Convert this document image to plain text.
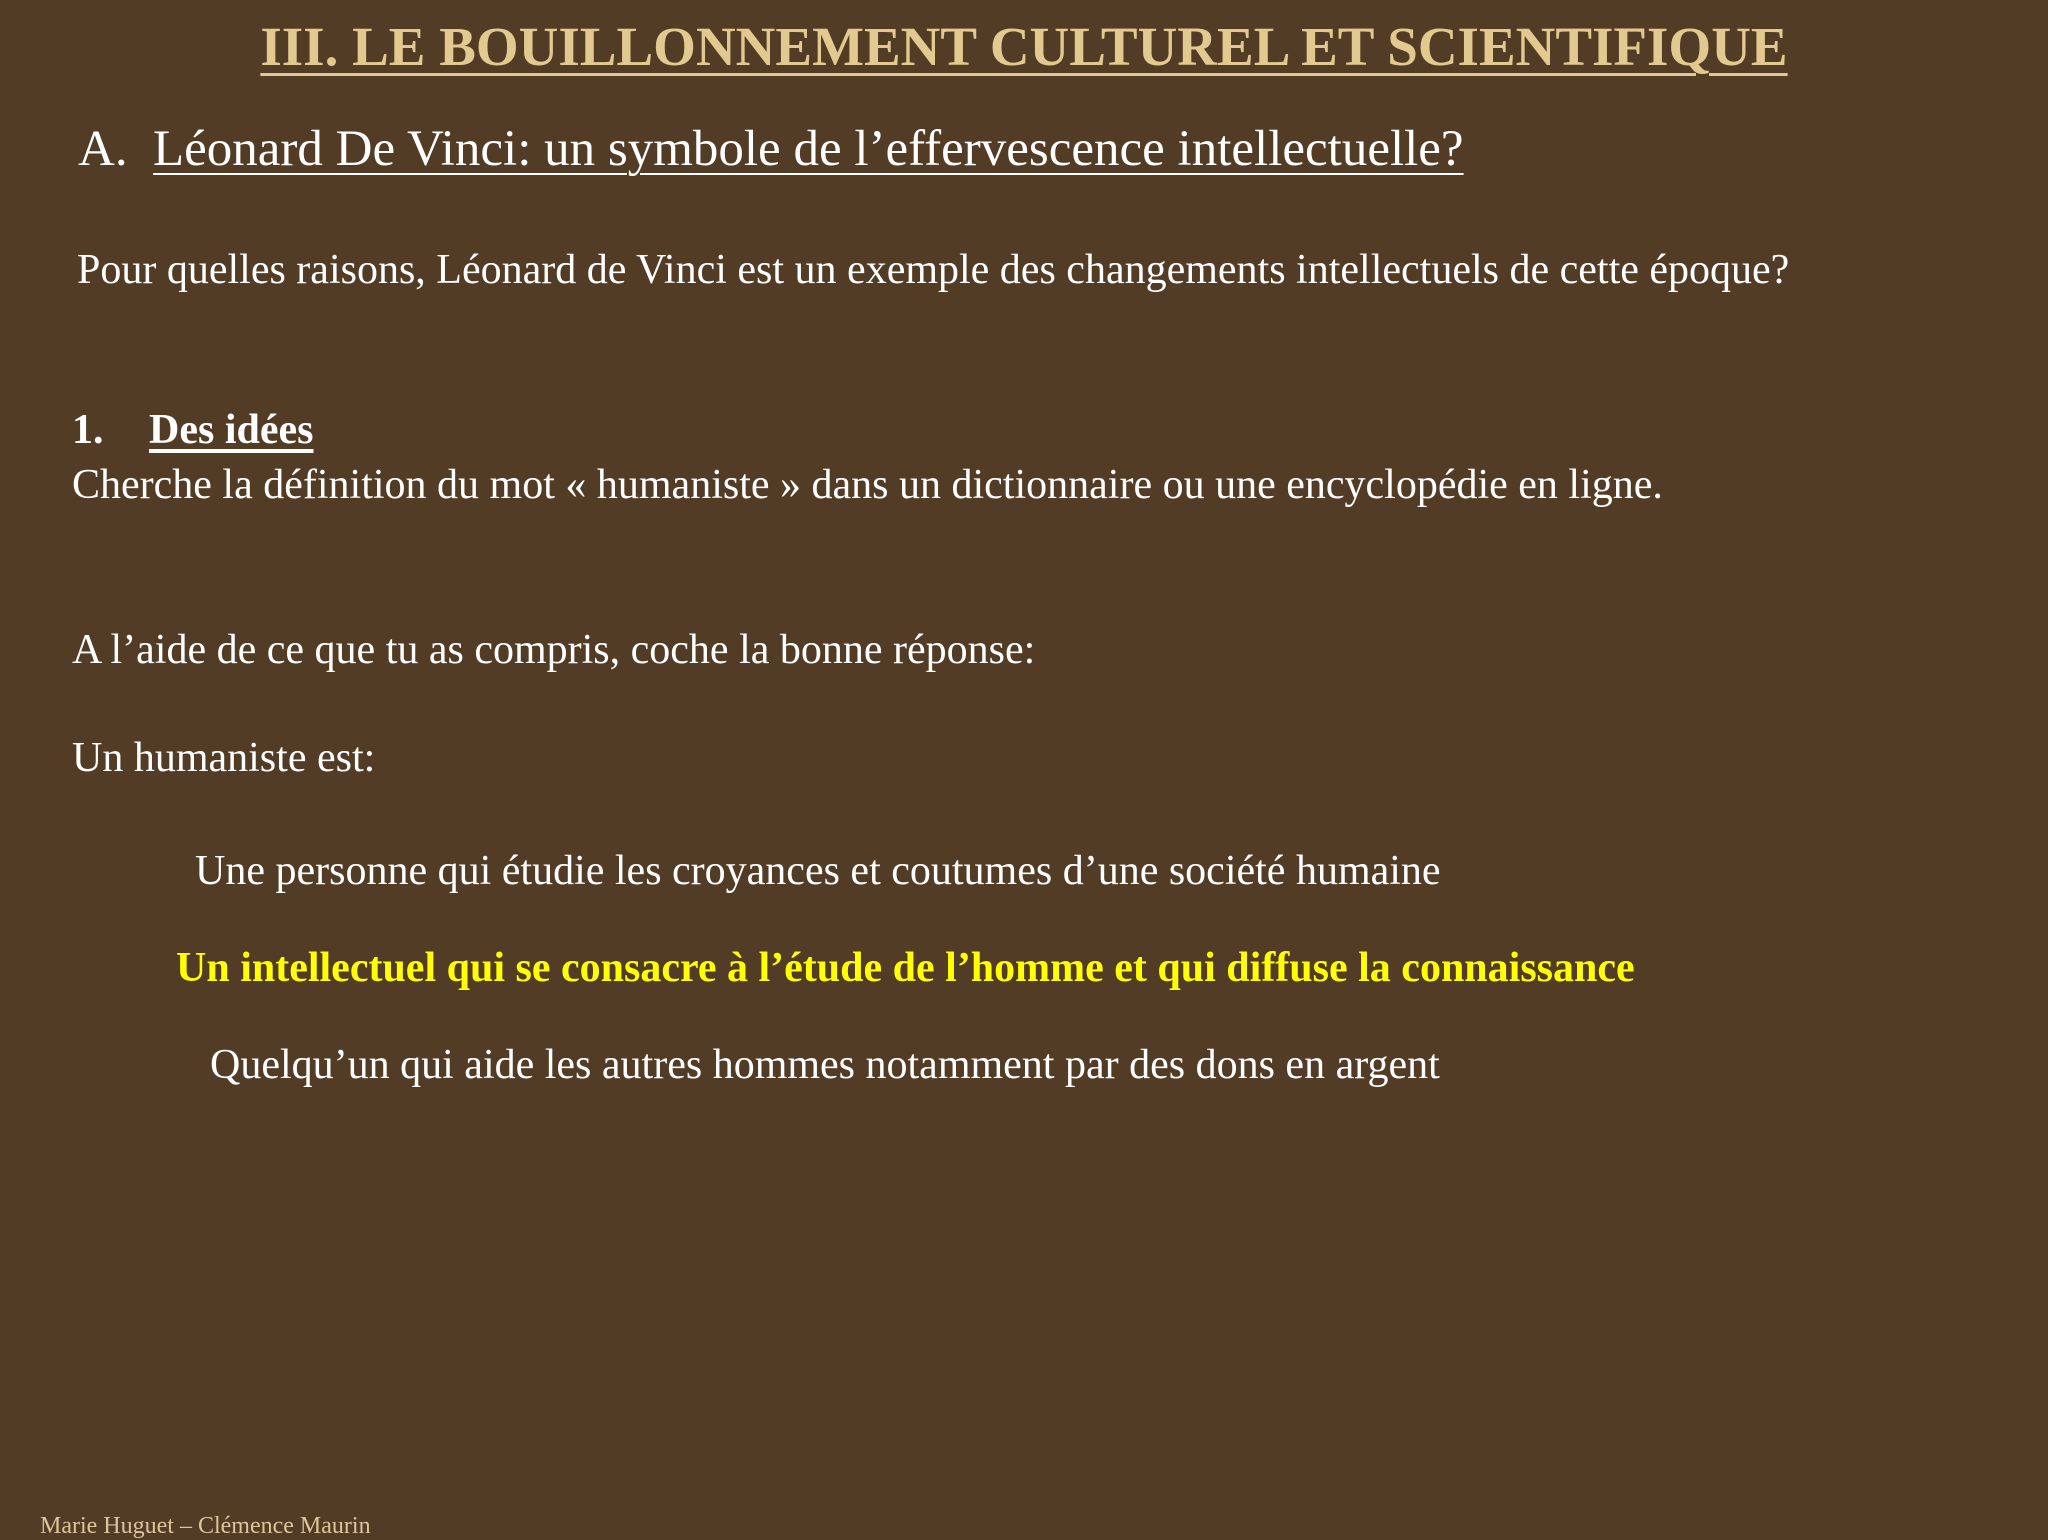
III. LE BOUILLONNEMENT CULTUREL ET SCIENTIFIQUE
A. Léonard De Vinci: un symbole de l’effervescence intellectuelle?
Pour quelles raisons, Léonard de Vinci est un exemple des changements intellectuels de cette époque?
1. Des idées
Cherche la définition du mot « humaniste » dans un dictionnaire ou une encyclopédie en ligne.
A l’aide de ce que tu as compris, coche la bonne réponse:
Un humaniste est:
Une personne qui étudie les croyances et coutumes d’une société humaine
Un intellectuel qui se consacre à l’étude de l’homme et qui diffuse la connaissance
Quelqu’un qui aide les autres hommes notamment par des dons en argent
Marie Huguet – Clémence Maurin
